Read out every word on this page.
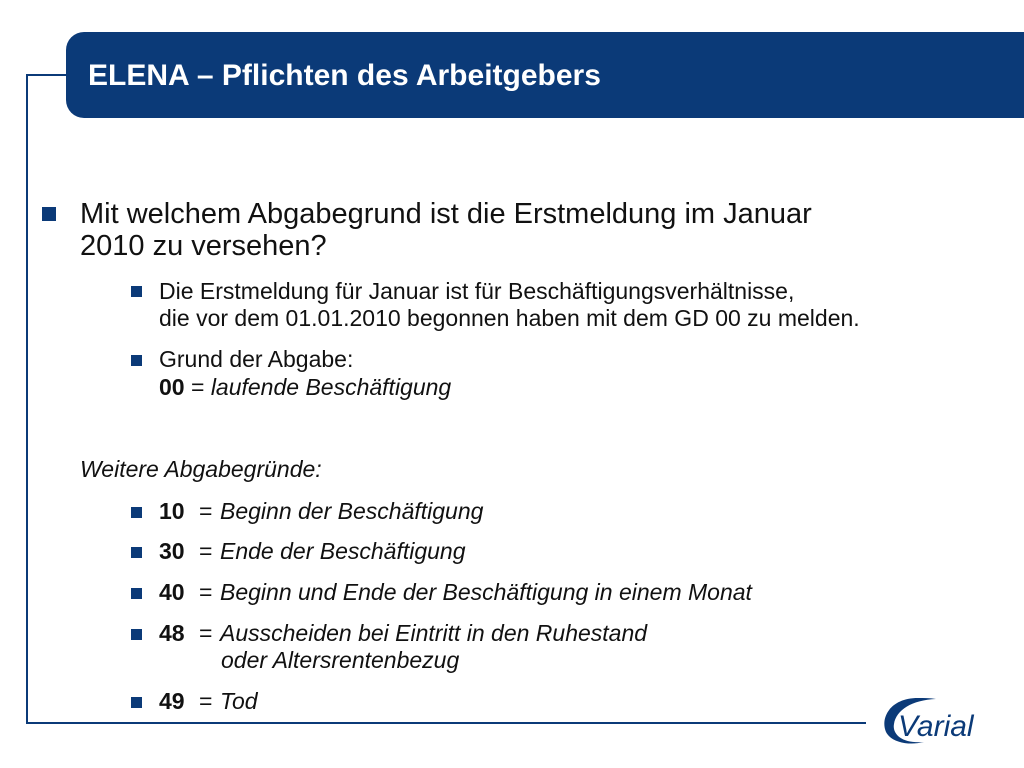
ELENA – Pflichten des Arbeitgebers
Mit welchem Abgabegrund ist die Erstmeldung im Januar
2010 zu versehen?
Die Erstmeldung für Januar ist für Beschäftigungsverhältnisse,
die vor dem 01.01.2010 begonnen haben mit dem GD 00 zu melden.
Grund der Abgabe:
00 = laufende Beschäftigung
Weitere Abgabegründe:
10 = Beginn der Beschäftigung
30 = Ende der Beschäftigung
40 = Beginn und Ende der Beschäftigung in einem Monat
48 = Ausscheiden bei Eintritt in den Ruhestand
oder Altersrentenbezug
49 = Tod
Varial
